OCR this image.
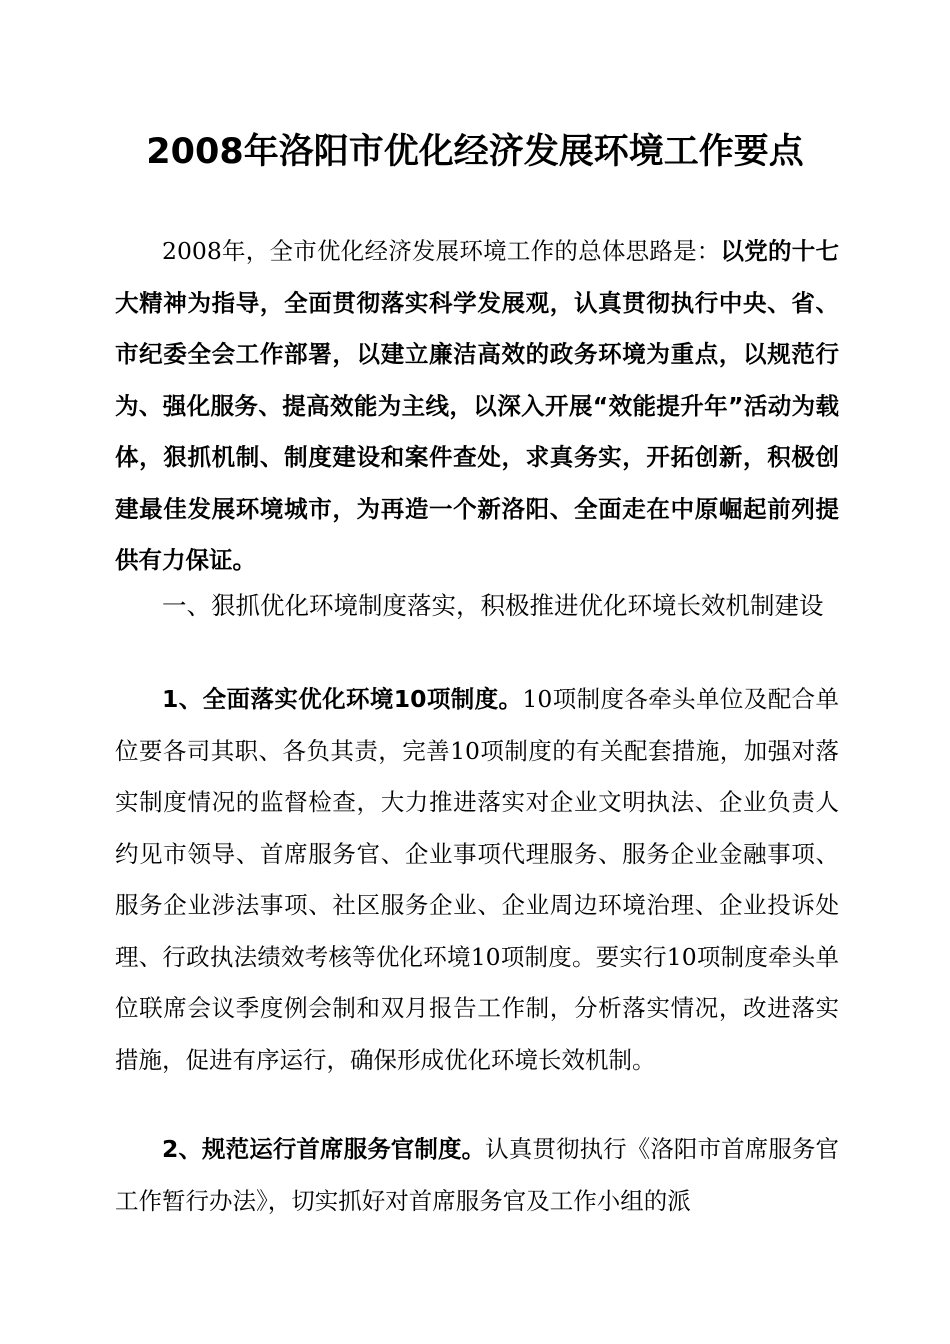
2008年洛阳市优化经济发展环境工作要点

2008年，全市优化经济发展环境工作的总体思路是：以党的十七大精神为指导，全面贯彻落实科学发展观，认真贯彻执行中央、省、市纪委全会工作部署，以建立廉洁高效的政务环境为重点，以规范行为、强化服务、提高效能为主线，以深入开展“效能提升年”活动为载体，狠抓机制、制度建设和案件查处，求真务实，开拓创新，积极创建最佳发展环境城市，为再造一个新洛阳、全面走在中原崛起前列提供有力保证。

一、狠抓优化环境制度落实，积极推进优化环境长效机制建设

1、全面落实优化环境10项制度。10项制度各牵头单位及配合单位要各司其职、各负其责，完善10项制度的有关配套措施，加强对落实制度情况的监督检查，大力推进落实对企业文明执法、企业负责人约见市领导、首席服务官、企业事项代理服务、服务企业金融事项、服务企业涉法事项、社区服务企业、企业周边环境治理、企业投诉处理、行政执法绩效考核等优化环境10项制度。要实行10项制度牵头单位联席会议季度例会制和双月报告工作制，分析落实情况，改进落实措施，促进有序运行，确保形成优化环境长效机制。

2、规范运行首席服务官制度。认真贯彻执行《洛阳市首席服务官工作暂行办法》，切实抓好对首席服务官及工作小组的派
